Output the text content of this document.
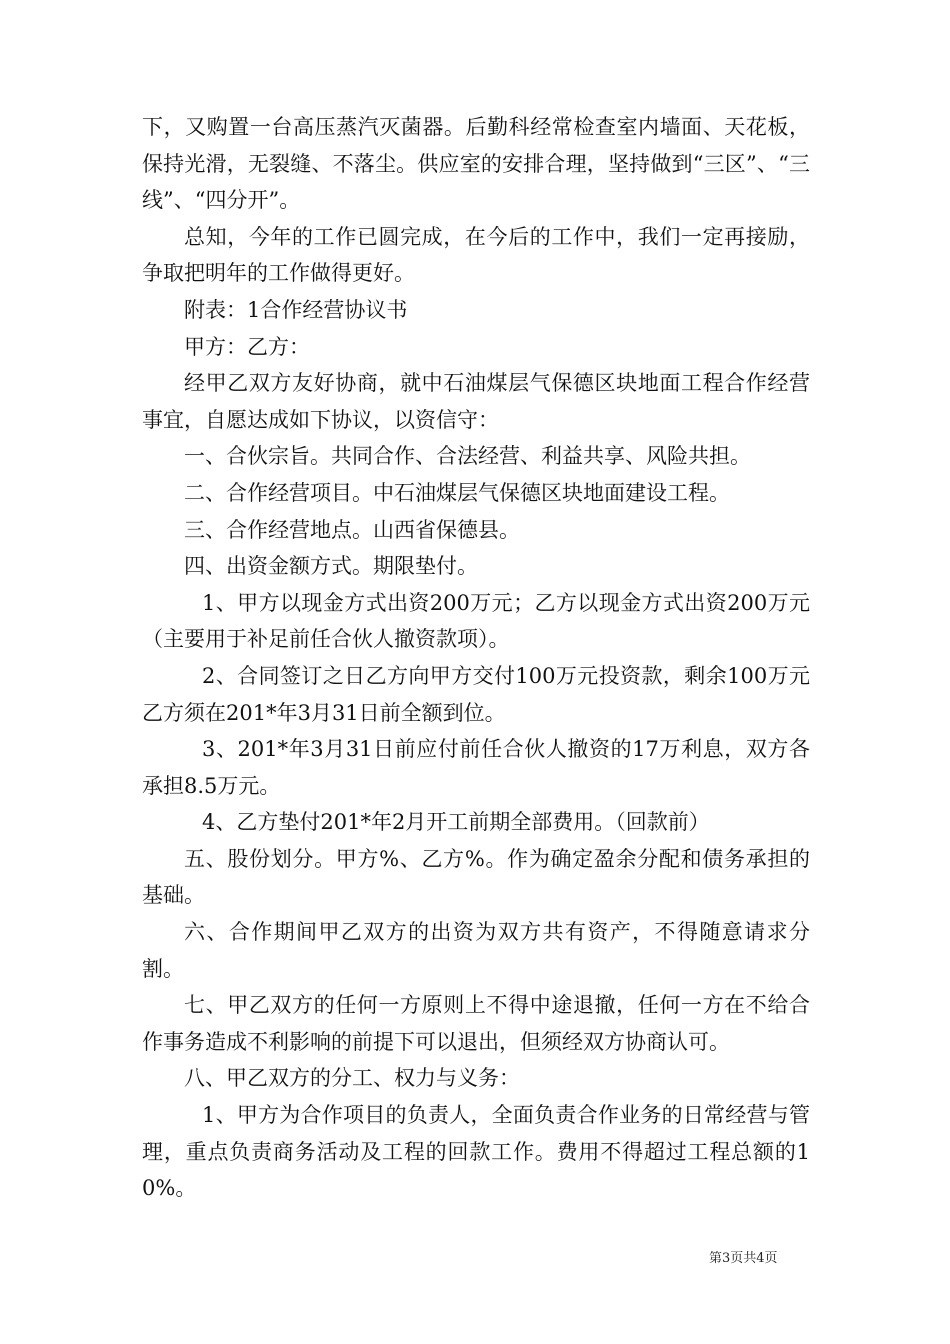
下，又购置一台高压蒸汽灭菌器。后勤科经常检查室内墙面、天花板，保持光滑，无裂缝、不落尘。供应室的安排合理，坚持做到“三区”、“三线”、“四分开”。

总知，今年的工作已圆完成，在今后的工作中，我们一定再接励，争取把明年的工作做得更好。

附表：1合作经营协议书

甲方：乙方：

经甲乙双方友好协商，就中石油煤层气保德区块地面工程合作经营事宜，自愿达成如下协议，以资信守：

一、合伙宗旨。共同合作、合法经营、利益共享、风险共担。

二、合作经营项目。中石油煤层气保德区块地面建设工程。

三、合作经营地点。山西省保德县。

四、出资金额方式。期限垫付。

1、甲方以现金方式出资200万元；乙方以现金方式出资200万元（主要用于补足前任合伙人撤资款项）。

2、合同签订之日乙方向甲方交付100万元投资款，剩余100万元乙方须在201*年3月31日前全额到位。

3、201*年3月31日前应付前任合伙人撤资的17万利息，双方各承担8.5万元。

4、乙方垫付201*年2月开工前期全部费用。（回款前）

五、股份划分。甲方%、乙方%。作为确定盈余分配和债务承担的基础。

六、合作期间甲乙双方的出资为双方共有资产，不得随意请求分割。

七、甲乙双方的任何一方原则上不得中途退撤，任何一方在不给合作事务造成不利影响的前提下可以退出，但须经双方协商认可。

八、甲乙双方的分工、权力与义务：

1、甲方为合作项目的负责人，全面负责合作业务的日常经营与管理，重点负责商务活动及工程的回款工作。费用不得超过工程总额的10%。

第3页共4页
